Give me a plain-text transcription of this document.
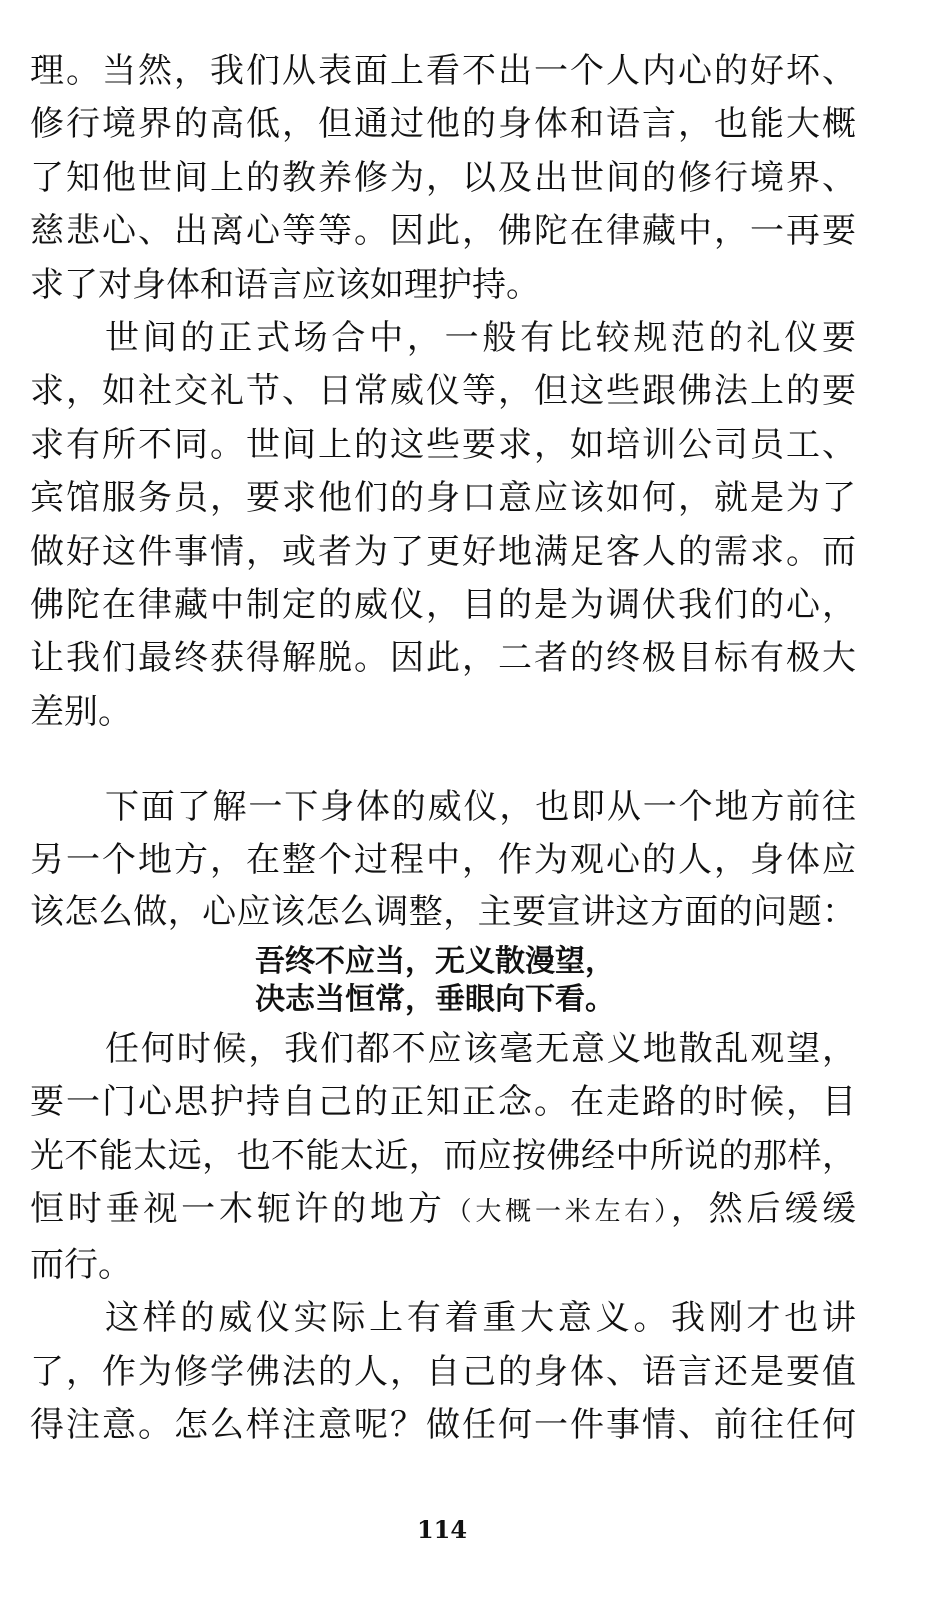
理。当然，我们从表面上看不出一个人内心的好坏、
修行境界的高低，但通过他的身体和语言，也能大概
了知他世间上的教养修为，以及出世间的修行境界、
慈悲心、出离心等等。因此，佛陀在律藏中，一再要
求了对身体和语言应该如理护持。
世间的正式场合中，一般有比较规范的礼仪要
求，如社交礼节、日常威仪等，但这些跟佛法上的要
求有所不同。世间上的这些要求，如培训公司员工、
宾馆服务员，要求他们的身口意应该如何，就是为了
做好这件事情，或者为了更好地满足客人的需求。而
佛陀在律藏中制定的威仪，目的是为调伏我们的心，
让我们最终获得解脱。因此，二者的终极目标有极大
差别。
下面了解一下身体的威仪，也即从一个地方前往
另一个地方，在整个过程中，作为观心的人，身体应
该怎么做，心应该怎么调整，主要宣讲这方面的问题：
吾终不应当，无义散漫望，
决志当恒常，垂眼向下看。
任何时候，我们都不应该毫无意义地散乱观望，
要一门心思护持自己的正知正念。在走路的时候，目
光不能太远，也不能太近，而应按佛经中所说的那样，
恒时垂视一木轭许的地方（大概一米左右），然后缓缓
而行。
这样的威仪实际上有着重大意义。我刚才也讲
了，作为修学佛法的人，自己的身体、语言还是要值
得注意。怎么样注意呢？做任何一件事情、前往任何
114
